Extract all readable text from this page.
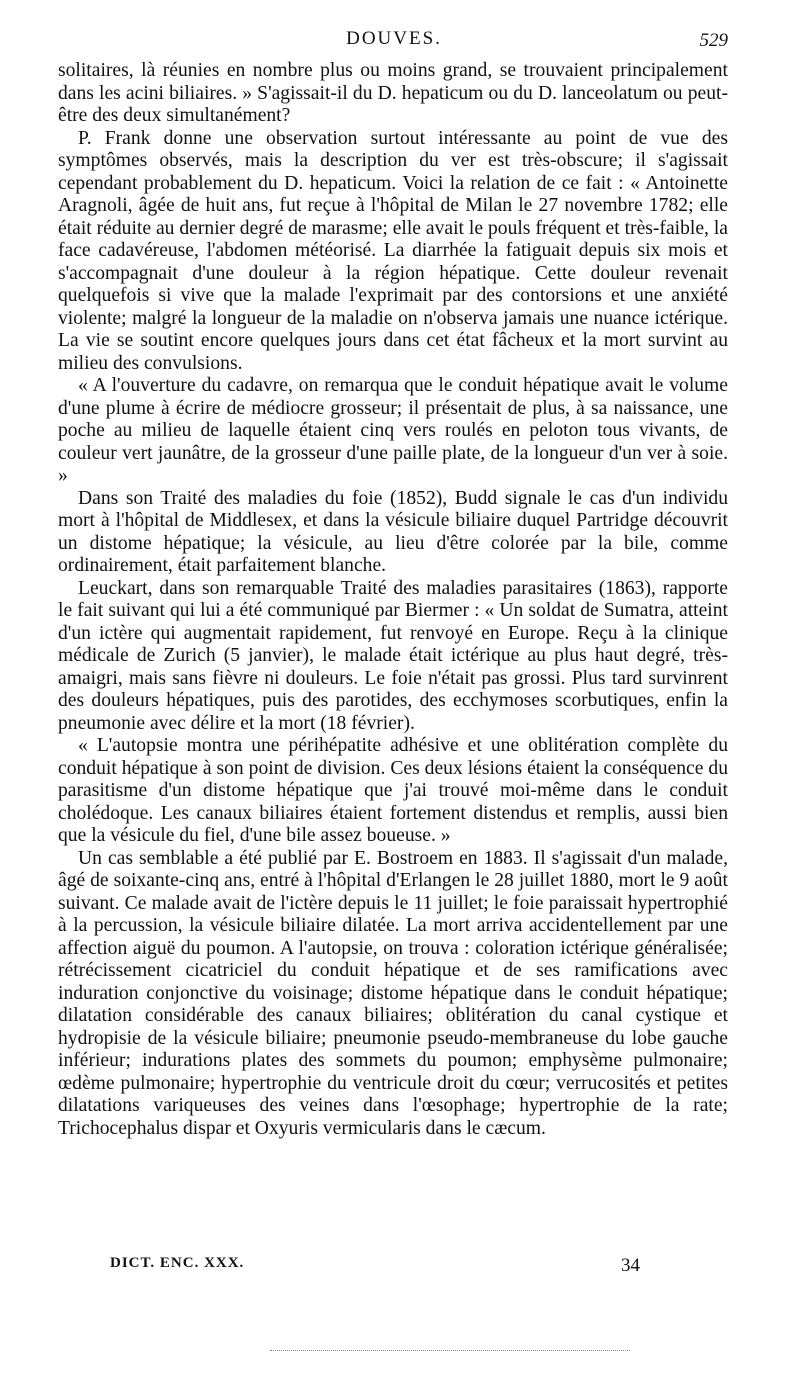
DOUVES.	529

solitaires, là réunies en nombre plus ou moins grand, se trouvaient principalement dans les acini biliaires. » S'agissait-il du D. hepaticum ou du D. lanceolatum ou peut-être des deux simultanément?

P. Frank donne une observation surtout intéressante au point de vue des symptômes observés, mais la description du ver est très-obscure; il s'agissait cependant probablement du D. hepaticum. Voici la relation de ce fait : « Antoinette Aragnoli, âgée de huit ans, fut reçue à l'hôpital de Milan le 27 novembre 1782; elle était réduite au dernier degré de marasme; elle avait le pouls fréquent et très-faible, la face cadavéreuse, l'abdomen météorisé. La diarrhée la fatiguait depuis six mois et s'accompagnait d'une douleur à la région hépatique. Cette douleur revenait quelquefois si vive que la malade l'exprimait par des contorsions et une anxiété violente; malgré la longueur de la maladie on n'observa jamais une nuance ictérique. La vie se soutint encore quelques jours dans cet état fâcheux et la mort survint au milieu des convulsions.

« A l'ouverture du cadavre, on remarqua que le conduit hépatique avait le volume d'une plume à écrire de médiocre grosseur; il présentait de plus, à sa naissance, une poche au milieu de laquelle étaient cinq vers roulés en peloton tous vivants, de couleur vert jaunâtre, de la grosseur d'une paille plate, de la longueur d'un ver à soie. »

Dans son Traité des maladies du foie (1852), Budd signale le cas d'un individu mort à l'hôpital de Middlesex, et dans la vésicule biliaire duquel Partridge découvrit un distome hépatique; la vésicule, au lieu d'être colorée par la bile, comme ordinairement, était parfaitement blanche.

Leuckart, dans son remarquable Traité des maladies parasitaires (1863), rapporte le fait suivant qui lui a été communiqué par Biermer : « Un soldat de Sumatra, atteint d'un ictère qui augmentait rapidement, fut renvoyé en Europe. Reçu à la clinique médicale de Zurich (5 janvier), le malade était ictérique au plus haut degré, très-amaigri, mais sans fièvre ni douleurs. Le foie n'était pas grossi. Plus tard survinrent des douleurs hépatiques, puis des parotides, des ecchymoses scorbutiques, enfin la pneumonie avec délire et la mort (18 février).

« L'autopsie montra une périhépatite adhésive et une oblitération complète du conduit hépatique à son point de division. Ces deux lésions étaient la conséquence du parasitisme d'un distome hépatique que j'ai trouvé moi-même dans le conduit cholédoque. Les canaux biliaires étaient fortement distendus et remplis, aussi bien que la vésicule du fiel, d'une bile assez boueuse. »

Un cas semblable a été publié par E. Bostroem en 1883. Il s'agissait d'un malade, âgé de soixante-cinq ans, entré à l'hôpital d'Erlangen le 28 juillet 1880, mort le 9 août suivant. Ce malade avait de l'ictère depuis le 11 juillet; le foie paraissait hypertrophié à la percussion, la vésicule biliaire dilatée. La mort arriva accidentellement par une affection aiguë du poumon. A l'autopsie, on trouva : coloration ictérique généralisée; rétrécissement cicatriciel du conduit hépatique et de ses ramifications avec induration conjonctive du voisinage; distome hépatique dans le conduit hépatique; dilatation considérable des canaux biliaires; oblitération du canal cystique et hydropisie de la vésicule biliaire; pneumonie pseudo-membraneuse du lobe gauche inférieur; indurations plates des sommets du poumon; emphysème pulmonaire; œdème pulmonaire; hypertrophie du ventricule droit du cœur; verrucosités et petites dilatations variqueuses des veines dans l'œsophage; hypertrophie de la rate; Trichocephalus dispar et Oxyuris vermicularis dans le cæcum.

DICT. ENC. XXX.	34
